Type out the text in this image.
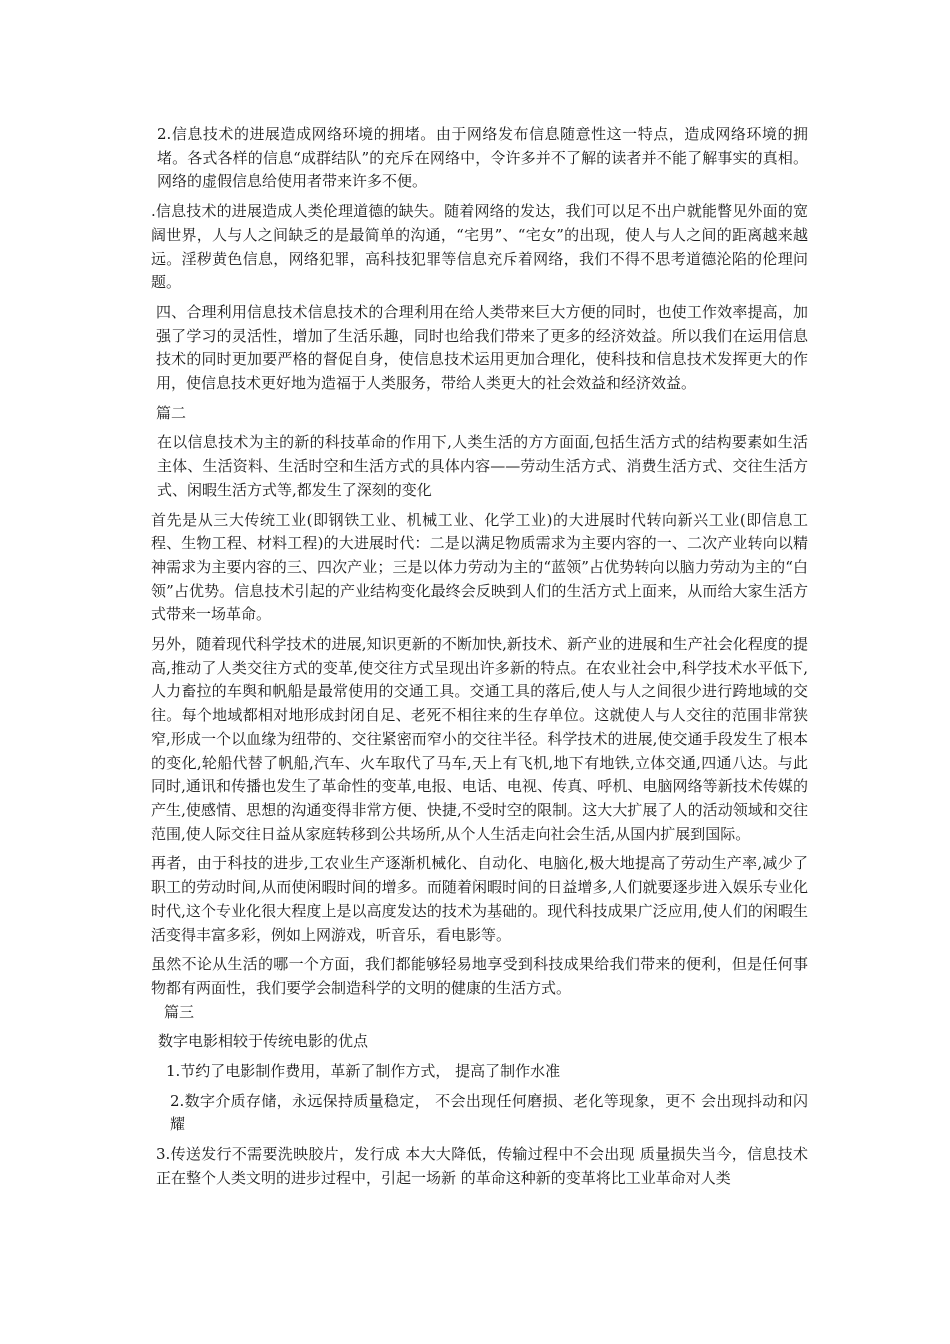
2.信息技术的进展造成网络环境的拥堵。由于网络发布信息随意性这一特点，造成网络环境的拥堵。各式各样的信息“成群结队”的充斥在网络中，令许多并不了解的读者并不能了解事实的真相。网络的虚假信息给使用者带来许多不便。

.信息技术的进展造成人类伦理道德的缺失。随着网络的发达，我们可以足不出户就能瞥见外面的宽阔世界，人与人之间缺乏的是最简单的沟通，“宅男”、“宅女”的出现，使人与人之间的距离越来越远。淫秽黄色信息，网络犯罪，高科技犯罪等信息充斥着网络，我们不得不思考道德沦陷的伦理问题。

四、合理利用信息技术信息技术的合理利用在给人类带来巨大方便的同时，也使工作效率提高，加强了学习的灵活性，增加了生活乐趣，同时也给我们带来了更多的经济效益。所以我们在运用信息技术的同时更加要严格的督促自身，使信息技术运用更加合理化，使科技和信息技术发挥更大的作用，使信息技术更好地为造福于人类服务，带给人类更大的社会效益和经济效益。

篇二

在以信息技术为主的新的科技革命的作用下,人类生活的方方面面,包括生活方式的结构要素如生活主体、生活资料、生活时空和生活方式的具体内容——劳动生活方式、消费生活方式、交往生活方式、闲暇生活方式等,都发生了深刻的变化

首先是从三大传统工业(即钢铁工业、机械工业、化学工业)的大进展时代转向新兴工业(即信息工程、生物工程、材料工程)的大进展时代：二是以满足物质需求为主要内容的一、二次产业转向以精神需求为主要内容的三、四次产业；三是以体力劳动为主的“蓝领”占优势转向以脑力劳动为主的“白领”占优势。信息技术引起的产业结构变化最终会反映到人们的生活方式上面来，从而给大家生活方式带来一场革命。

另外，随着现代科学技术的进展,知识更新的不断加快,新技术、新产业的进展和生产社会化程度的提高,推动了人类交往方式的变革,使交往方式呈现出许多新的特点。在农业社会中,科学技术水平低下,人力畜拉的车舆和帆船是最常使用的交通工具。交通工具的落后,使人与人之间很少进行跨地域的交往。每个地域都相对地形成封闭自足、老死不相往来的生存单位。这就使人与人交往的范围非常狭窄,形成一个以血缘为纽带的、交往紧密而窄小的交往半径。科学技术的进展,使交通手段发生了根本的变化,轮船代替了帆船,汽车、火车取代了马车,天上有飞机,地下有地铁,立体交通,四通八达。与此同时,通讯和传播也发生了革命性的变革,电报、电话、电视、传真、呼机、电脑网络等新技术传媒的产生,使感情、思想的沟通变得非常方便、快捷,不受时空的限制。这大大扩展了人的活动领域和交往范围,使人际交往日益从家庭转移到公共场所,从个人生活走向社会生活,从国内扩展到国际。

再者，由于科技的进步,工农业生产逐渐机械化、自动化、电脑化,极大地提高了劳动生产率,减少了职工的劳动时间,从而使闲暇时间的增多。而随着闲暇时间的日益增多,人们就要逐步进入娱乐专业化时代,这个专业化很大程度上是以高度发达的技术为基础的。现代科技成果广泛应用,使人们的闲暇生活变得丰富多彩，例如上网游戏，听音乐，看电影等。

虽然不论从生活的哪一个方面，我们都能够轻易地享受到科技成果给我们带来的便利，但是任何事物都有两面性，我们要学会制造科学的文明的健康的生活方式。

篇三

数字电影相较于传统电影的优点

1.节约了电影制作费用，革新了制作方式， 提高了制作水准

2.数字介质存储，永远保持质量稳定， 不会出现任何磨损、老化等现象，更不 会出现抖动和闪耀

3.传送发行不需要洗映胶片，发行成 本大大降低，传输过程中不会出现 质量损失当今，信息技术正在整个人类文明的进步过程中，引起一场新 的革命这种新的变革将比工业革命对人类
